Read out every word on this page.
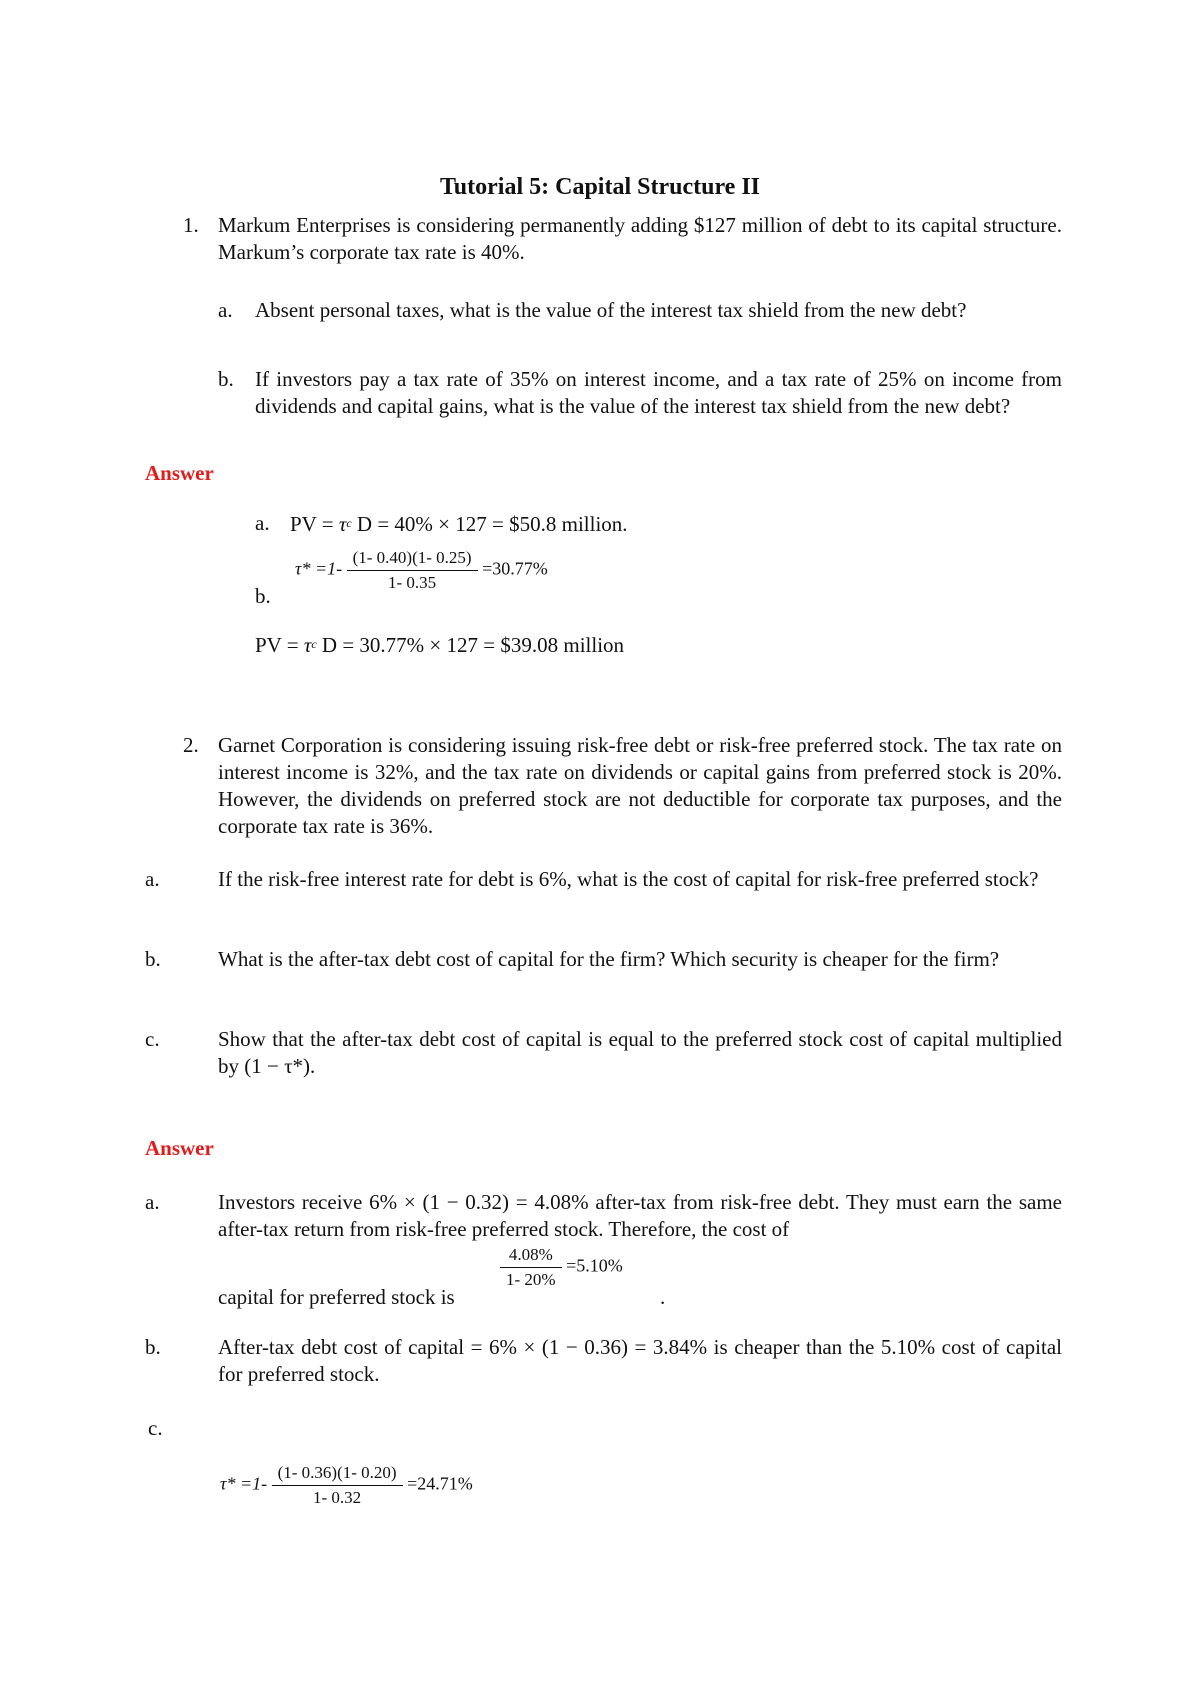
Tutorial 5: Capital Structure II
1. Markum Enterprises is considering permanently adding $127 million of debt to its capital structure. Markum’s corporate tax rate is 40%.
a. Absent personal taxes, what is the value of the interest tax shield from the new debt?
b. If investors pay a tax rate of 35% on interest income, and a tax rate of 25% on income from dividends and capital gains, what is the value of the interest tax shield from the new debt?
Answer
a. PV = $\tau^c$ D = 40% × 127 = $50.8 million.
b.
$\tau* =1- \frac{(1- 0.40)(1- 0.25)}{1- 0.35} =30.77\%$
PV = $\tau^c$ D = 30.77% × 127 = $39.08 million
2. Garnet Corporation is considering issuing risk-free debt or risk-free preferred stock. The tax rate on interest income is 32%, and the tax rate on dividends or capital gains from preferred stock is 20%. However, the dividends on preferred stock are not deductible for corporate tax purposes, and the corporate tax rate is 36%.
a.	If the risk-free interest rate for debt is 6%, what is the cost of capital for risk-free preferred stock?
b.	What is the after-tax debt cost of capital for the firm? Which security is cheaper for the firm?
c.	Show that the after-tax debt cost of capital is equal to the preferred stock cost of capital multiplied by (1 − τ*).
Answer
a.	Investors receive 6% × (1 − 0.32) = 4.08% after-tax from risk-free debt. They must earn the same after-tax return from risk-free preferred stock. Therefore, the cost of
capital for preferred stock is
$\frac{4.08\%}{1- 20\%} =5.10\%$
.
b.	After-tax debt cost of capital = 6% × (1 − 0.36) = 3.84% is cheaper than the 5.10% cost of capital for preferred stock.
c.
$\tau* =1- \frac{(1- 0.36)(1- 0.20)}{1- 0.32} =24.71\%$
